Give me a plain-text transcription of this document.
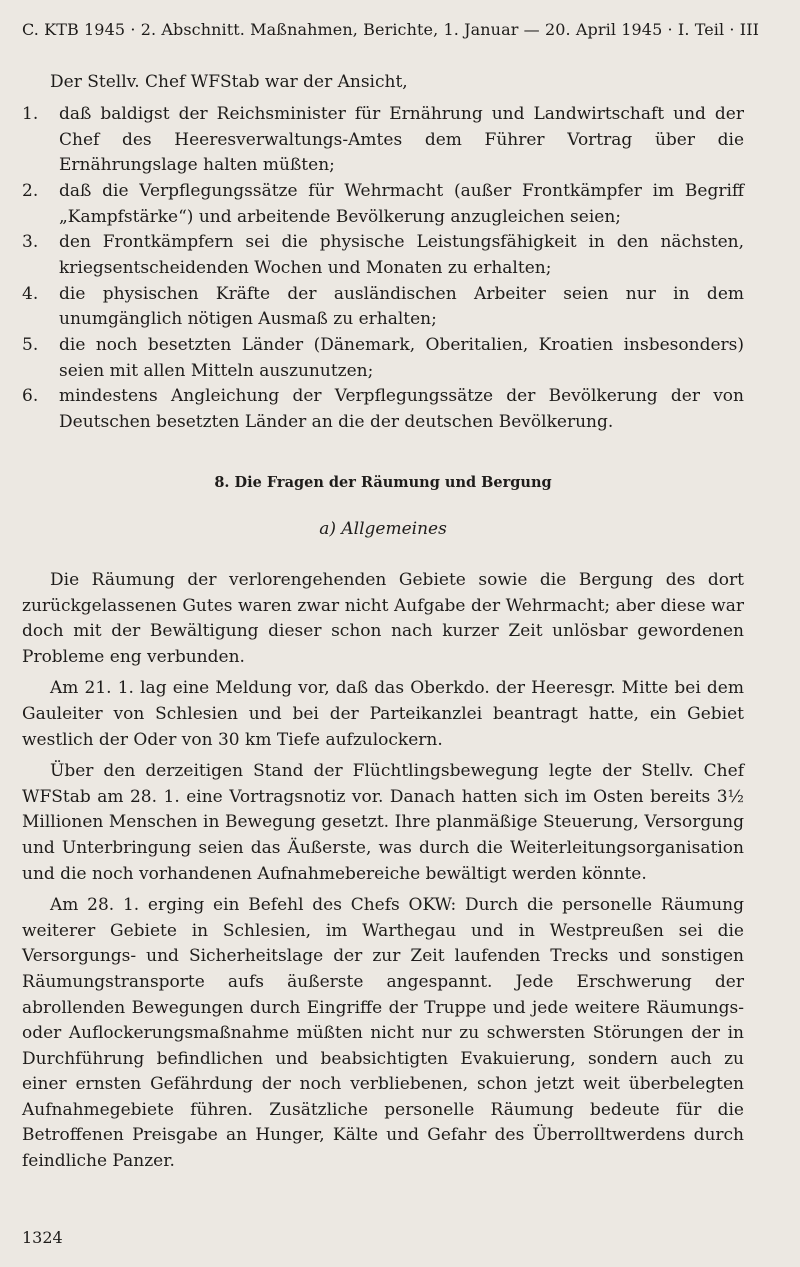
C. KTB 1945 · 2. Abschnitt. Maßnahmen, Berichte, 1. Januar — 20. April 1945 · I. Teil · III
Der Stellv. Chef WFStab war der Ansicht,
1.	daß baldigst der Reichsminister für Ernährung und Landwirtschaft und der Chef des Heeresverwaltungs-Amtes dem Führer Vortrag über die Ernährungslage halten müßten;
2.	daß die Verpflegungssätze für Wehrmacht (außer Frontkämpfer im Begriff „Kampfstärke“) und arbeitende Bevölkerung anzugleichen seien;
3.	den Frontkämpfern sei die physische Leistungsfähigkeit in den nächsten, kriegsentscheidenden Wochen und Monaten zu erhalten;
4.	die physischen Kräfte der ausländischen Arbeiter seien nur in dem unumgänglich nötigen Ausmaß zu erhalten;
5.	die noch besetzten Länder (Dänemark, Oberitalien, Kroatien insbesonders) seien mit allen Mitteln auszunutzen;
6.	mindestens Angleichung der Verpflegungssätze der Bevölkerung der von Deutschen besetzten Länder an die der deutschen Bevölkerung.
8. Die Fragen der Räumung und Bergung
a) Allgemeines

Die Räumung der verlorengehenden Gebiete sowie die Bergung des dort zurückgelassenen Gutes waren zwar nicht Aufgabe der Wehrmacht; aber diese war doch mit der Bewältigung dieser schon nach kurzer Zeit unlösbar gewordenen Probleme eng verbunden.

Am 21. 1. lag eine Meldung vor, daß das Oberkdo. der Heeresgr. Mitte bei dem Gauleiter von Schlesien und bei der Parteikanzlei beantragt hatte, ein Gebiet westlich der Oder von 30 km Tiefe aufzulockern.

Über den derzeitigen Stand der Flüchtlingsbewegung legte der Stellv. Chef WFStab am 28. 1. eine Vortragsnotiz vor. Danach hatten sich im Osten bereits 3½ Millionen Menschen in Bewegung gesetzt. Ihre planmäßige Steuerung, Versorgung und Unterbringung seien das Äußerste, was durch die Weiterleitungsorganisation und die noch vorhandenen Aufnahmebereiche bewältigt werden könnte.

Am 28. 1. erging ein Befehl des Chefs OKW: Durch die personelle Räumung weiterer Gebiete in Schlesien, im Warthegau und in Westpreußen sei die Versorgungs- und Sicherheitslage der zur Zeit laufenden Trecks und sonstigen Räumungstransporte aufs äußerste angespannt. Jede Erschwerung der abrollenden Bewegungen durch Eingriffe der Truppe und jede weitere Räumungs- oder Auflockerungsmaßnahme müßten nicht nur zu schwersten Störungen der in Durchführung befindlichen und beabsichtigten Evakuierung, sondern auch zu einer ernsten Gefährdung der noch verbliebenen, schon jetzt weit überbelegten Aufnahmegebiete führen. Zusätzliche personelle Räumung bedeute für die Betroffenen Preisgabe an Hunger, Kälte und Gefahr des Überrolltwerdens durch feindliche Panzer.

1324
